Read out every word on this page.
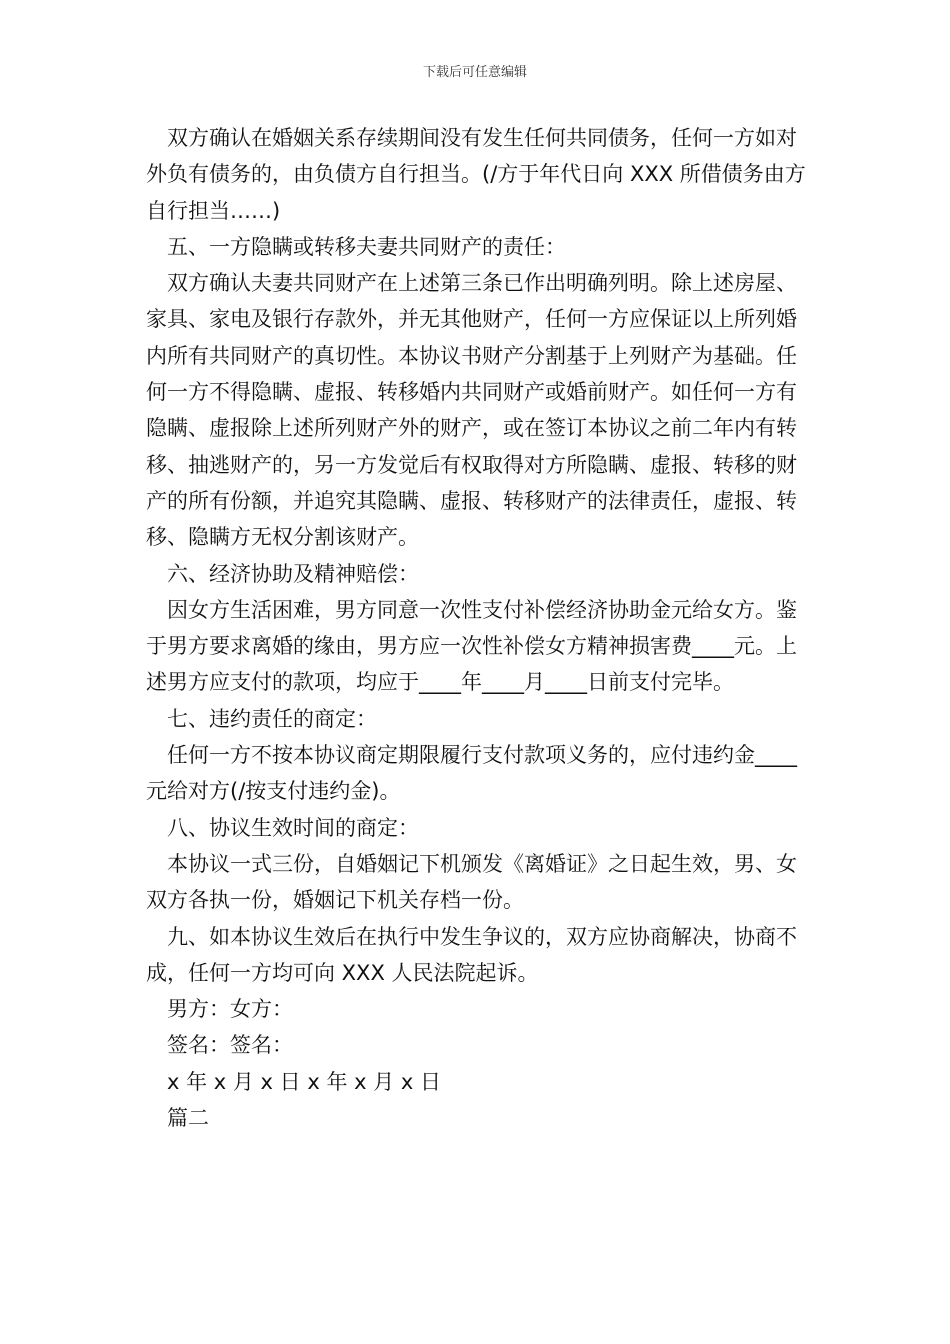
下载后可任意编辑

双方确认在婚姻关系存续期间没有发生任何共同债务，任何一方如对外负有债务的，由负债方自行担当。(/方于年代日向 XXX 所借债务由方自行担当……)

五、一方隐瞒或转移夫妻共同财产的责任：

双方确认夫妻共同财产在上述第三条已作出明确列明。除上述房屋、家具、家电及银行存款外，并无其他财产，任何一方应保证以上所列婚内所有共同财产的真切性。本协议书财产分割基于上列财产为基础。任何一方不得隐瞒、虚报、转移婚内共同财产或婚前财产。如任何一方有隐瞒、虚报除上述所列财产外的财产，或在签订本协议之前二年内有转移、抽逃财产的，另一方发觉后有权取得对方所隐瞒、虚报、转移的财产的所有份额，并追究其隐瞒、虚报、转移财产的法律责任，虚报、转移、隐瞒方无权分割该财产。

六、经济协助及精神赔偿：

因女方生活困难，男方同意一次性支付补偿经济协助金元给女方。鉴于男方要求离婚的缘由，男方应一次性补偿女方精神损害费____元。上述男方应支付的款项，均应于____年____月____日前支付完毕。

七、违约责任的商定：

任何一方不按本协议商定期限履行支付款项义务的，应付违约金____元给对方(/按支付违约金)。

八、协议生效时间的商定：

本协议一式三份，自婚姻记下机颁发《离婚证》之日起生效，男、女双方各执一份，婚姻记下机关存档一份。

九、如本协议生效后在执行中发生争议的，双方应协商解决，协商不成，任何一方均可向 XXX 人民法院起诉。

男方：女方：

签名：签名：

x 年 x 月 x 日 x 年 x 月 x 日

篇二
